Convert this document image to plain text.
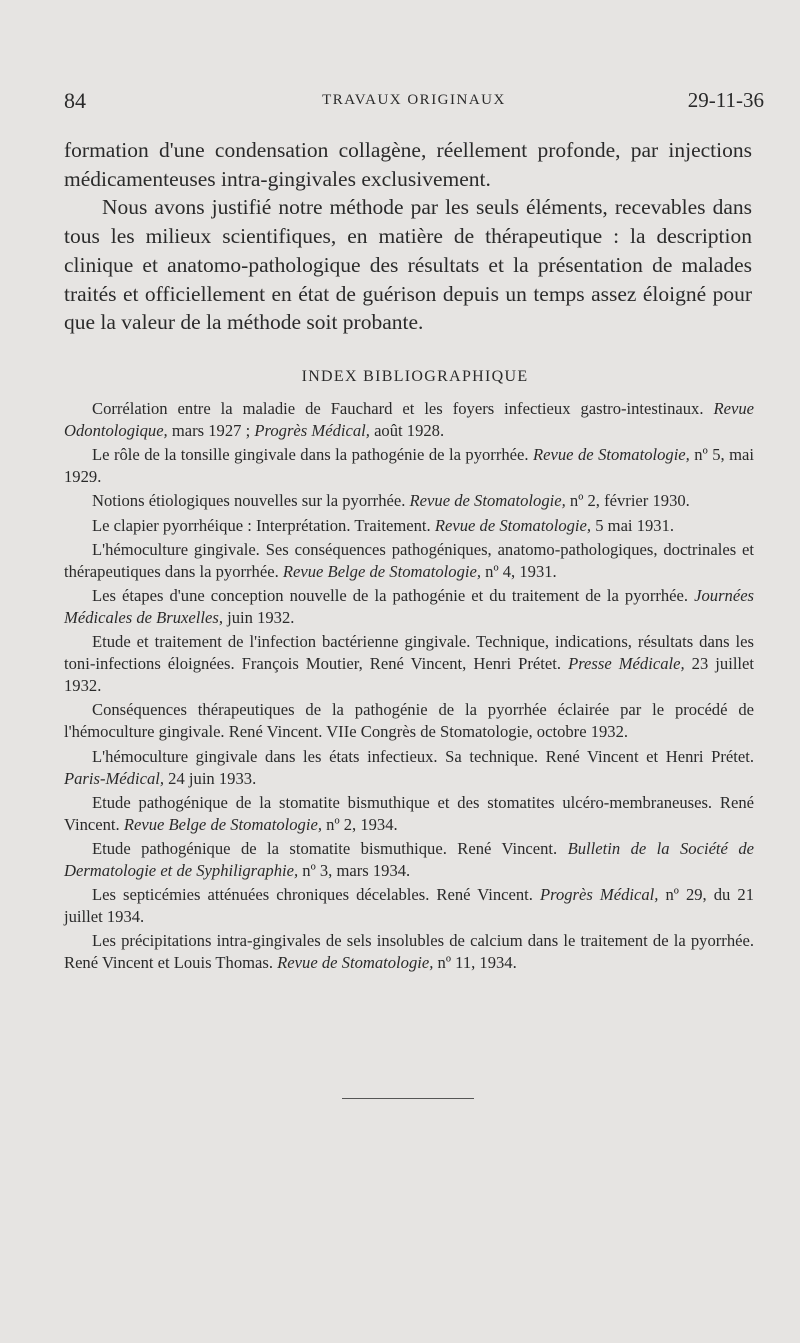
84	TRAVAUX ORIGINAUX	29-11-36

formation d'une condensation collagène, réellement profonde, par injections médicamenteuses intra-gingivales exclusivement.

Nous avons justifié notre méthode par les seuls éléments, recevables dans tous les milieux scientifiques, en matière de thérapeutique : la description clinique et anatomo-pathologique des résultats et la présentation de malades traités et officiellement en état de guérison depuis un temps assez éloigné pour que la valeur de la méthode soit probante.

INDEX BIBLIOGRAPHIQUE

Corrélation entre la maladie de Fauchard et les foyers infectieux gastro-intestinaux. Revue Odontologique, mars 1927 ; Progrès Médical, août 1928.

Le rôle de la tonsille gingivale dans la pathogénie de la pyorrhée. Revue de Stomatologie, nº 5, mai 1929.

Notions étiologiques nouvelles sur la pyorrhée. Revue de Stomatologie, nº 2, février 1930.

Le clapier pyorrhéique : Interprétation. Traitement. Revue de Stomatologie, 5 mai 1931.

L'hémoculture gingivale. Ses conséquences pathogéniques, anatomo-pathologiques, doctrinales et thérapeutiques dans la pyorrhée. Revue Belge de Stomatologie, nº 4, 1931.

Les étapes d'une conception nouvelle de la pathogénie et du traitement de la pyorrhée. Journées Médicales de Bruxelles, juin 1932.

Etude et traitement de l'infection bactérienne gingivale. Technique, indications, résultats dans les toni-infections éloignées. François Moutier, René Vincent, Henri Prétet. Presse Médicale, 23 juillet 1932.

Conséquences thérapeutiques de la pathogénie de la pyorrhée éclairée par le procédé de l'hémoculture gingivale. René Vincent. VIIe Congrès de Stomatologie, octobre 1932.

L'hémoculture gingivale dans les états infectieux. Sa technique. René Vincent et Henri Prétet. Paris-Médical, 24 juin 1933.

Etude pathogénique de la stomatite bismuthique et des stomatites ulcéro-membraneuses. René Vincent. Revue Belge de Stomatologie, nº 2, 1934.

Etude pathogénique de la stomatite bismuthique. René Vincent. Bulletin de la Société de Dermatologie et de Syphiligraphie, nº 3, mars 1934.

Les septicémies atténuées chroniques décelables. René Vincent. Progrès Médical, nº 29, du 21 juillet 1934.

Les précipitations intra-gingivales de sels insolubles de calcium dans le traitement de la pyorrhée. René Vincent et Louis Thomas. Revue de Stomatologie, nº 11, 1934.
